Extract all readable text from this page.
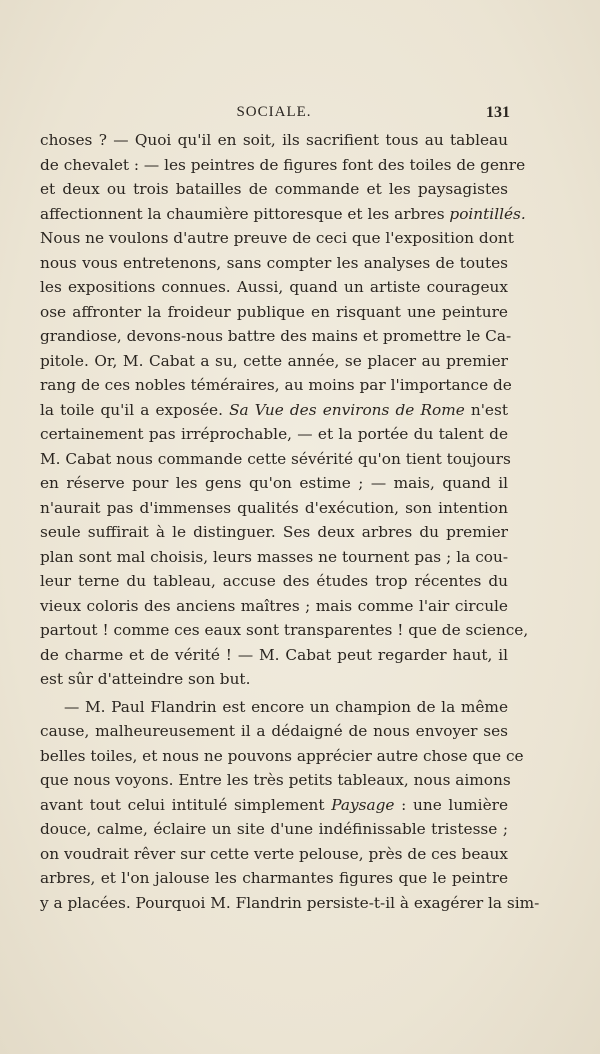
SOCIALE.	131
choses ? — Quoi qu'il en soit, ils sacrifient tous au tableau
de chevalet : — les peintres de figures font des toiles de genre
et deux ou trois batailles de commande et les paysagistes
affectionnent la chaumière pittoresque et les arbres pointillés.
Nous ne voulons d'autre preuve de ceci que l'exposition dont
nous vous entretenons, sans compter les analyses de toutes
les expositions connues. Aussi, quand un artiste courageux
ose affronter la froideur publique en risquant une peinture
grandiose, devons-nous battre des mains et promettre le Ca-
pitole. Or, M. Cabat a su, cette année, se placer au premier
rang de ces nobles téméraires, au moins par l'importance de
la toile qu'il a exposée. Sa Vue des environs de Rome n'est
certainement pas irréprochable, — et la portée du talent de
M. Cabat nous commande cette sévérité qu'on tient toujours
en réserve pour les gens qu'on estime ; — mais, quand il
n'aurait pas d'immenses qualités d'exécution, son intention
seule suffirait à le distinguer. Ses deux arbres du premier
plan sont mal choisis, leurs masses ne tournent pas ; la cou-
leur terne du tableau, accuse des études trop récentes du
vieux coloris des anciens maîtres ; mais comme l'air circule
partout ! comme ces eaux sont transparentes ! que de science,
de charme et de vérité ! — M. Cabat peut regarder haut, il
est sûr d'atteindre son but.
— M. Paul Flandrin est encore un champion de la même
cause, malheureusement il a dédaigné de nous envoyer ses
belles toiles, et nous ne pouvons apprécier autre chose que ce
que nous voyons. Entre les très petits tableaux, nous aimons
avant tout celui intitulé simplement Paysage : une lumière
douce, calme, éclaire un site d'une indéfinissable tristesse ;
on voudrait rêver sur cette verte pelouse, près de ces beaux
arbres, et l'on jalouse les charmantes figures que le peintre
y a placées. Pourquoi M. Flandrin persiste-t-il à exagérer la sim-
